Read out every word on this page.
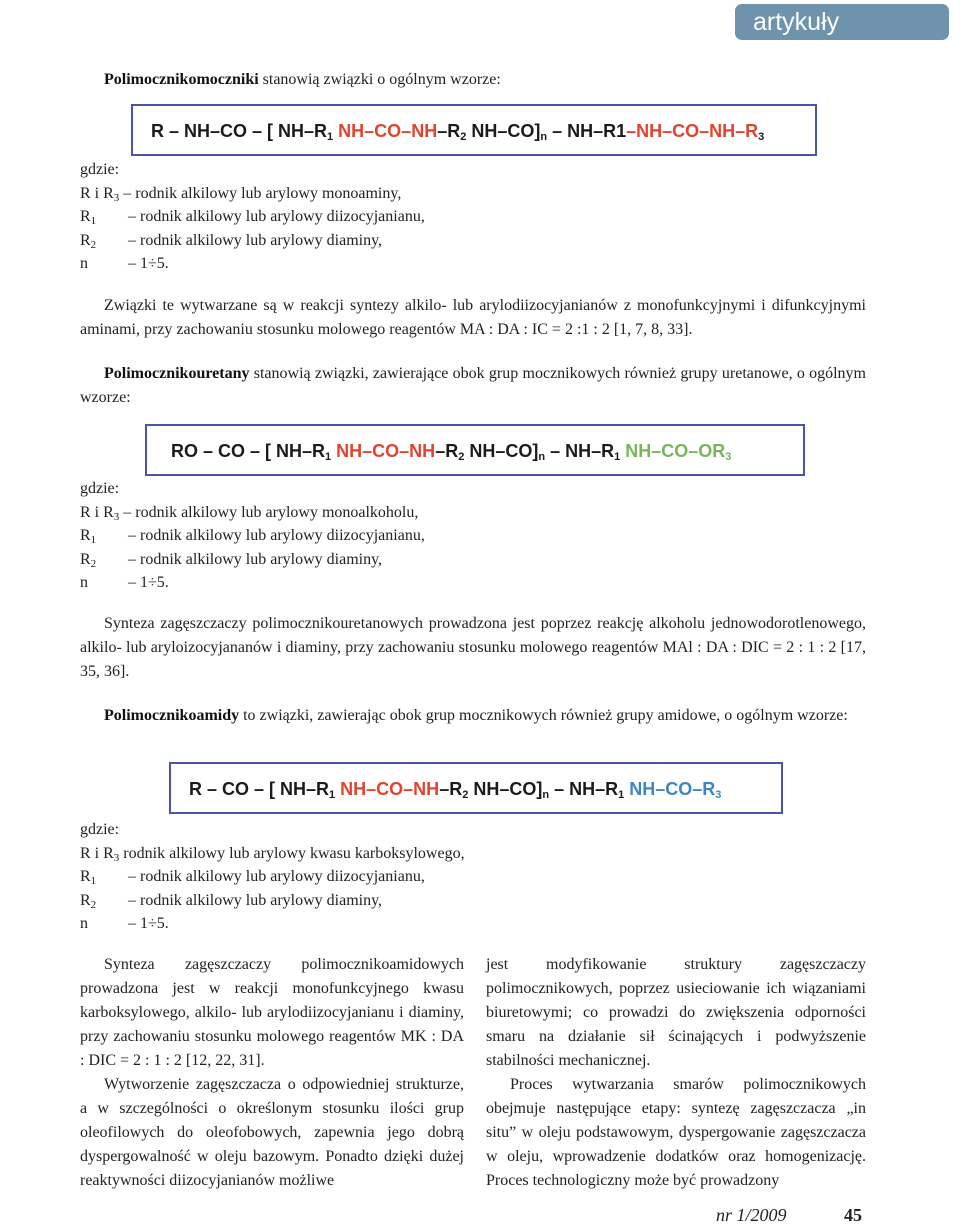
artykuły

Polimocznikomoczniki stanowią związki o ogólnym wzorze:

R – NH–CO – [ $NH-R_1$ $NH-CO-NH-R_2$ $NH-CO]_n - NH-R1-NH-CO-NH-R_3$
gdzie:
R i $R_3$ – rodnik alkilowy lub arylowy monoaminy,
$R_1$ – rodnik alkilowy lub arylowy diizocyjanianu,
$R_2$ – rodnik alkilowy lub arylowy diaminy,
n – 1÷5.

Związki te wytwarzane są w reakcji syntezy alkilo- lub arylodiizocyjanianów z monofunkcyjnymi i difunkcyjnymi aminami, przy zachowaniu stosunku molowego reagentów MA : DA : IC = 2 :1 : 2 [1, 7, 8, 33].

Polimocznikouretany stanowią związki, zawierające obok grup mocznikowych również grupy uretanowe, o ogólnym wzorze:

RO – CO – [ $NH-R_1$ $NH-CO-NH-R_2$ $NH-CO]_n - NH-R_1$ $NH-CO-OR_3$
gdzie:
R i $R_3$ – rodnik alkilowy lub arylowy monoalkoholu,
$R_1$ – rodnik alkilowy lub arylowy diizocyjanianu,
$R_2$ – rodnik alkilowy lub arylowy diaminy,
n – 1÷5.

Synteza zagęszczaczy polimocznikouretanowych prowadzona jest poprzez reakcję alkoholu jednowodorotlenowego, alkilo- lub aryloizocyjananów i diaminy, przy zachowaniu stosunku molowego reagentów MAl : DA : DIC = 2 : 1 : 2 [17, 35, 36].

Polimocznikoamidy to związki, zawierając obok grup mocznikowych również grupy amidowe, o ogólnym wzorze:

R – CO – [ $NH-R_1$ $NH-CO-NH-R_2$ $NH-CO]_n - NH-R_1$ $NH-CO-R_3$
gdzie:
R i $R_3$ rodnik alkilowy lub arylowy kwasu karboksylowego,
$R_1$ – rodnik alkilowy lub arylowy diizocyjanianu,
$R_2$ – rodnik alkilowy lub arylowy diaminy,
n – 1÷5.

Synteza zagęszczaczy polimocznikoamidowych prowadzona jest w reakcji monofunkcyjnego kwasu karboksylowego, alkilo- lub arylodiizocyjanianu i diaminy, przy zachowaniu stosunku molowego reagentów MK : DA : DIC = 2 : 1 : 2 [12, 22, 31].

Wytworzenie zagęszczacza o odpowiedniej strukturze, a w szczególności o określonym stosunku ilości grup oleofilowych do oleofobowych, zapewnia jego dobrą dyspergowalność w oleju bazowym. Ponadto dzięki dużej reaktywności diizocyjanianów możliwe

jest modyfikowanie struktury zagęszczaczy polimocznikowych, poprzez usieciowanie ich wiązaniami biuretowymi; co prowadzi do zwiększenia odporności smaru na działanie sił ścinających i podwyższenie stabilności mechanicznej.

Proces wytwarzania smarów polimocznikowych obejmuje następujące etapy: syntezę zagęszczacza „in situ” w oleju podstawowym, dyspergowanie zagęszczacza w oleju, wprowadzenie dodatków oraz homogenizację. Proces technologiczny może być prowadzony

nr 1/2009	45
